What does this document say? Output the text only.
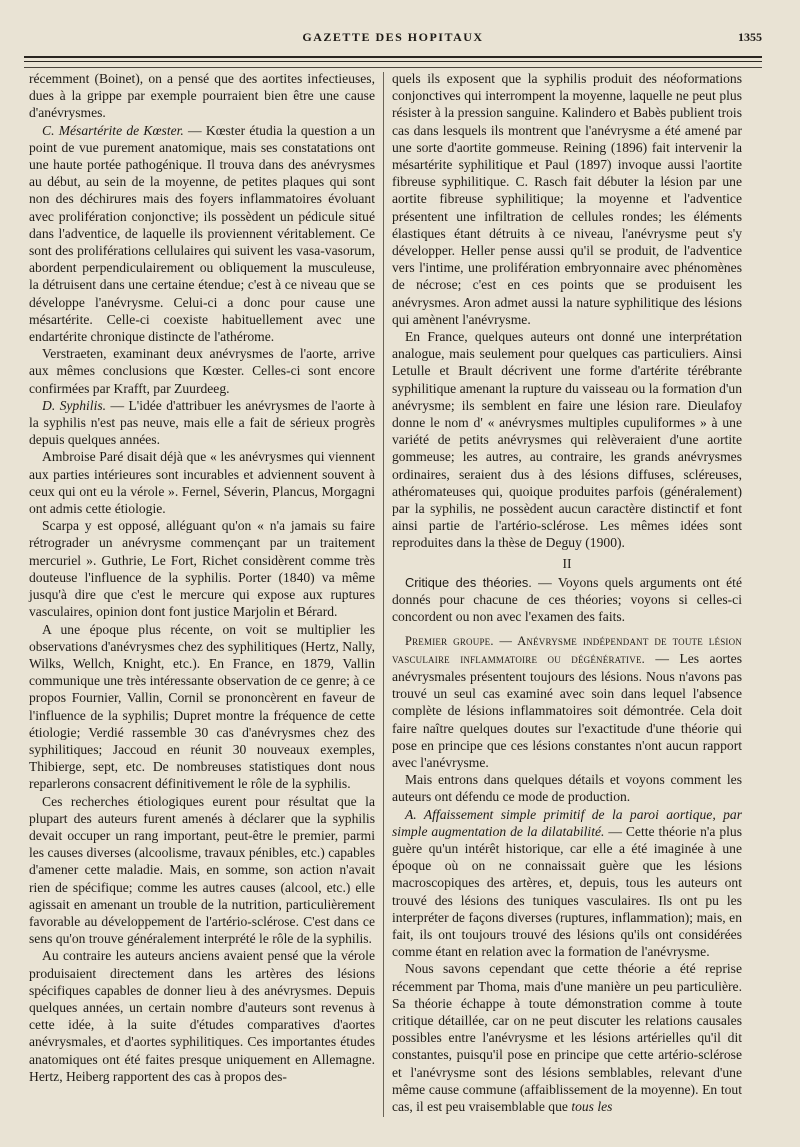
GAZETTE DES HOPITAUX	1355

récemment (Boinet), on a pensé que des aortites infectieuses, dues à la grippe par exemple pourraient bien être une cause d'anévrysmes.

C. Mésartérite de Kœster. — Kœster étudia la question a un point de vue purement anatomique, mais ses constatations ont une haute portée pathogénique. Il trouva dans des anévrysmes au début, au sein de la moyenne, de petites plaques qui sont non des déchirures mais des foyers inflammatoires évoluant avec prolifération conjonctive; ils possèdent un pédicule situé dans l'adventice, de laquelle ils proviennent véritablement. Ce sont des proliférations cellulaires qui suivent les vasa-vasorum, abordent perpendiculairement ou obliquement la musculeuse, la détruisent dans une certaine étendue; c'est à ce niveau que se développe l'anévrysme. Celui-ci a donc pour cause une mésartérite. Celle-ci coexiste habituellement avec une endartérite chronique distincte de l'athérome.

Verstraeten, examinant deux anévrysmes de l'aorte, arrive aux mêmes conclusions que Kœster. Celles-ci sont encore confirmées par Krafft, par Zuurdeeg.

D. Syphilis. — L'idée d'attribuer les anévrysmes de l'aorte à la syphilis n'est pas neuve, mais elle a fait de sérieux progrès depuis quelques années.

Ambroise Paré disait déjà que « les anévrysmes qui viennent aux parties intérieures sont incurables et adviennent souvent à ceux qui ont eu la vérole ». Fernel, Séverin, Plancus, Morgagni ont admis cette étiologie.

Scarpa y est opposé, alléguant qu'on « n'a jamais su faire rétrograder un anévrysme commençant par un traitement mercuriel ». Guthrie, Le Fort, Richet considèrent comme très douteuse l'influence de la syphilis. Porter (1840) va même jusqu'à dire que c'est le mercure qui expose aux ruptures vasculaires, opinion dont font justice Marjolin et Bérard.

A une époque plus récente, on voit se multiplier les observations d'anévrysmes chez des syphilitiques (Hertz, Nally, Wilks, Wellch, Knight, etc.). En France, en 1879, Vallin communique une très intéressante observation de ce genre; à ce propos Fournier, Vallin, Cornil se prononcèrent en faveur de l'influence de la syphilis; Dupret montre la fréquence de cette étiologie; Verdié rassemble 30 cas d'anévrysmes chez des syphilitiques; Jaccoud en réunit 30 nouveaux exemples, Thibierge, sept, etc. De nombreuses statistiques dont nous reparlerons consacrent définitivement le rôle de la syphilis.

Ces recherches étiologiques eurent pour résultat que la plupart des auteurs furent amenés à déclarer que la syphilis devait occuper un rang important, peut-être le premier, parmi les causes diverses (alcoolisme, travaux pénibles, etc.) capables d'amener cette maladie. Mais, en somme, son action n'avait rien de spécifique; comme les autres causes (alcool, etc.) elle agissait en amenant un trouble de la nutrition, particulièrement favorable au développement de l'artério-sclérose. C'est dans ce sens qu'on trouve généralement interprété le rôle de la syphilis.

Au contraire les auteurs anciens avaient pensé que la vérole produisaient directement dans les artères des lésions spécifiques capables de donner lieu à des anévrysmes. Depuis quelques années, un certain nombre d'auteurs sont revenus à cette idée, à la suite d'études comparatives d'aortes anévrysmales, et d'aortes syphilitiques. Ces importantes études anatomiques ont été faites presque uniquement en Allemagne. Hertz, Heiberg rapportent des cas à propos des-

quels ils exposent que la syphilis produit des néoformations conjonctives qui interrompent la moyenne, laquelle ne peut plus résister à la pression sanguine. Kalindero et Babès publient trois cas dans lesquels ils montrent que l'anévrysme a été amené par une sorte d'aortite gommeuse. Reining (1896) fait intervenir la mésartérite syphilitique et Paul (1897) invoque aussi l'aortite fibreuse syphilitique. C. Rasch fait débuter la lésion par une aortite fibreuse syphilitique; la moyenne et l'adventice présentent une infiltration de cellules rondes; les éléments élastiques étant détruits à ce niveau, l'anévrysme peut s'y développer. Heller pense aussi qu'il se produit, de l'adventice vers l'intime, une prolifération embryonnaire avec phénomènes de nécrose; c'est en ces points que se produisent les anévrysmes. Aron admet aussi la nature syphilitique des lésions qui amènent l'anévrysme.

En France, quelques auteurs ont donné une interprétation analogue, mais seulement pour quelques cas particuliers. Ainsi Letulle et Brault décrivent une forme d'artérite térébrante syphilitique amenant la rupture du vaisseau ou la formation d'un anévrysme; ils semblent en faire une lésion rare. Dieulafoy donne le nom d' « anévrysmes multiples cupuliformes » à une variété de petits anévrysmes qui relèveraient d'une aortite gommeuse; les autres, au contraire, les grands anévrysmes ordinaires, seraient dus à des lésions diffuses, scléreuses, athéromateuses qui, quoique produites parfois (généralement) par la syphilis, ne possèdent aucun caractère distinctif et font ainsi partie de l'artério-sclérose. Les mêmes idées sont reproduites dans la thèse de Deguy (1900).

II

Critique des théories. — Voyons quels arguments ont été donnés pour chacune de ces théories; voyons si celles-ci concordent ou non avec l'examen des faits.

Premier groupe. — Anévrysme indépendant de toute lésion vasculaire inflammatoire ou dégénérative. — Les aortes anévrysmales présentent toujours des lésions. Nous n'avons pas trouvé un seul cas examiné avec soin dans lequel l'absence complète de lésions inflammatoires soit démontrée. Cela doit faire naître quelques doutes sur l'exactitude d'une théorie qui pose en principe que ces lésions constantes n'ont aucun rapport avec l'anévrysme.

Mais entrons dans quelques détails et voyons comment les auteurs ont défendu ce mode de production.

A. Affaissement simple primitif de la paroi aortique, par simple augmentation de la dilatabilité. — Cette théorie n'a plus guère qu'un intérêt historique, car elle a été imaginée à une époque où on ne connaissait guère que les lésions macroscopiques des artères, et, depuis, tous les auteurs ont trouvé des lésions des tuniques vasculaires. Ils ont pu les interpréter de façons diverses (ruptures, inflammation); mais, en fait, ils ont toujours trouvé des lésions qu'ils ont considérées comme étant en relation avec la formation de l'anévrysme.

Nous savons cependant que cette théorie a été reprise récemment par Thoma, mais d'une manière un peu particulière. Sa théorie échappe à toute démonstration comme à toute critique détaillée, car on ne peut discuter les relations causales possibles entre l'anévrysme et les lésions artérielles qu'il dit constantes, puisqu'il pose en principe que cette artério-sclérose et l'anévrysme sont des lésions semblables, relevant d'une même cause commune (affaiblissement de la moyenne). En tout cas, il est peu vraisemblable que tous les
